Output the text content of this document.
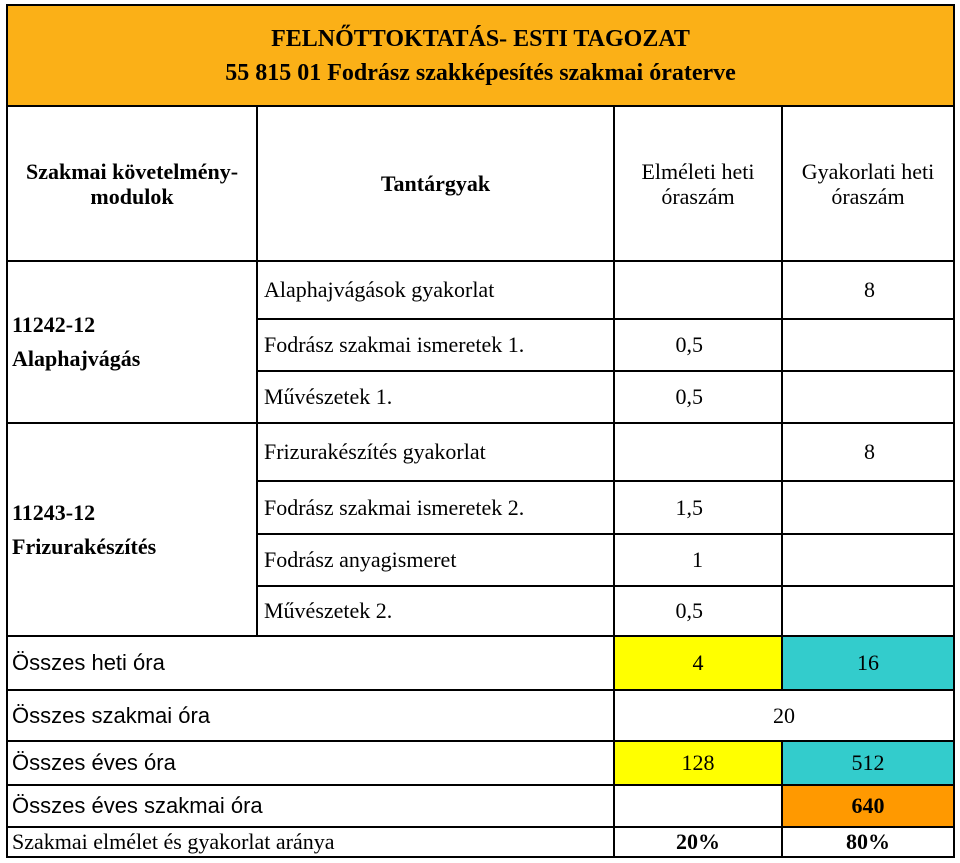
FELNŐTTOKTATÁS- ESTI TAGOZAT
55 815 01 Fodrász szakképesítés szakmai óraterve			

Szakmai követelmény-modulok	Tantárgyak	Elméleti heti óraszám	Gyakorlati heti óraszám

11242-12
Alaphajvágás	Alaphajvágások gyakorlat		8
	Fodrász szakmai ismeretek 1.	0,5	
	Művészetek 1.	0,5	

11243-12
Frizurakészítés	Frizurakészítés gyakorlat		8
	Fodrász szakmai ismeretek 2.	1,5	
	Fodrász anyagismeret	1	
	Művészetek 2.	0,5	
Összes heti óra		4	16
Összes szakmai óra		20	
Összes éves óra		128	512
Összes éves szakmai óra			640
Szakmai elmélet és gyakorlat aránya		20%	80%
